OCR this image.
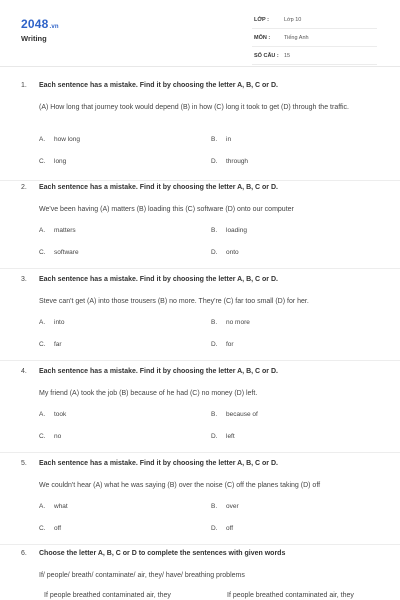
2048.vn
Writing
LỚP :	Lớp 10
MÔN :	Tiếng Anh
SỐ CÂU : 15
1. Each sentence has a mistake. Find it by choosing the letter A, B, C or D.
(A) How long that journey took would depend (B) in how (C) long it took to get (D) through the traffic.
A. how long	B. in
C. long	D. through
2. Each sentence has a mistake. Find it by choosing the letter A, B, C or D.
We've been having (A) matters (B) loading this (C) software (D) onto our computer
A. matters	B. loading
C. software	D. onto
3. Each sentence has a mistake. Find it by choosing the letter A, B, C or D.
Steve can't get (A) into those trousers (B) no more. They're (C) far too small (D) for her.
A. into	B. no more
C. far	D. for
4. Each sentence has a mistake. Find it by choosing the letter A, B, C or D.
My friend (A) took the job (B) because of he had (C) no money (D) left.
A. took	B. because of
C. no	D. left
5. Each sentence has a mistake. Find it by choosing the letter A, B, C or D.
We couldn't hear (A) what he was saying (B) over the noise (C) off the planes taking (D) off
A. what	B. over
C. off	D. off
6. Choose the letter A, B, C or D to complete the sentences with given words
If/ people/ breath/ contaminate/ air, they/ have/ breathing problems
If people breathed contaminated air, they	If people breathed contaminated air, they
